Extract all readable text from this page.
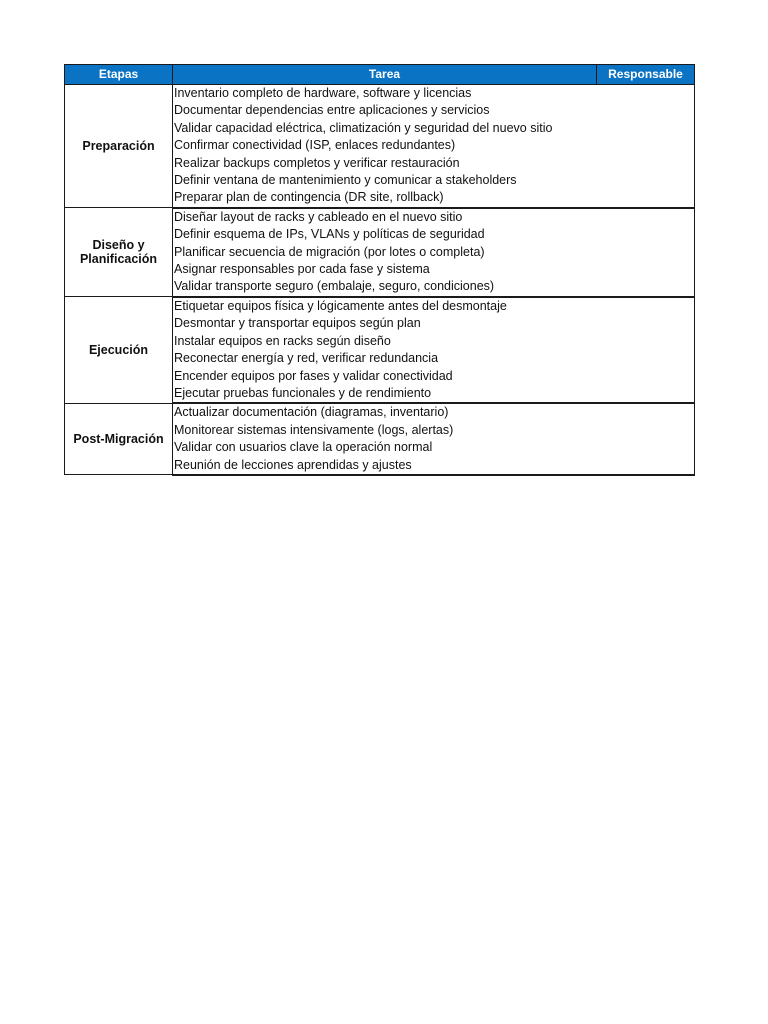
Etapas	Tarea	Responsable
Preparación	Inventario completo de hardware, software y licencias	
	Documentar dependencias entre aplicaciones y servicios	
	Validar capacidad eléctrica, climatización y seguridad del nuevo sitio	
	Confirmar conectividad (ISP, enlaces redundantes)	
	Realizar backups completos y verificar restauración	
	Definir ventana de mantenimiento y comunicar a stakeholders	
	Preparar plan de contingencia (DR site, rollback)	
Diseño y Planificación	Diseñar layout de racks y cableado en el nuevo sitio	
	Definir esquema de IPs, VLANs y políticas de seguridad	
	Planificar secuencia de migración (por lotes o completa)	
	Asignar responsables por cada fase y sistema	
	Validar transporte seguro (embalaje, seguro, condiciones)	
Ejecución	Etiquetar equipos física y lógicamente antes del desmontaje	
	Desmontar y transportar equipos según plan	
	Instalar equipos en racks según diseño	
	Reconectar energía y red, verificar redundancia	
	Encender equipos por fases y validar conectividad	
	Ejecutar pruebas funcionales y de rendimiento	
Post-Migración	Actualizar documentación (diagramas, inventario)	
	Monitorear sistemas intensivamente (logs, alertas)	
	Validar con usuarios clave la operación normal	
	Reunión de lecciones aprendidas y ajustes	
